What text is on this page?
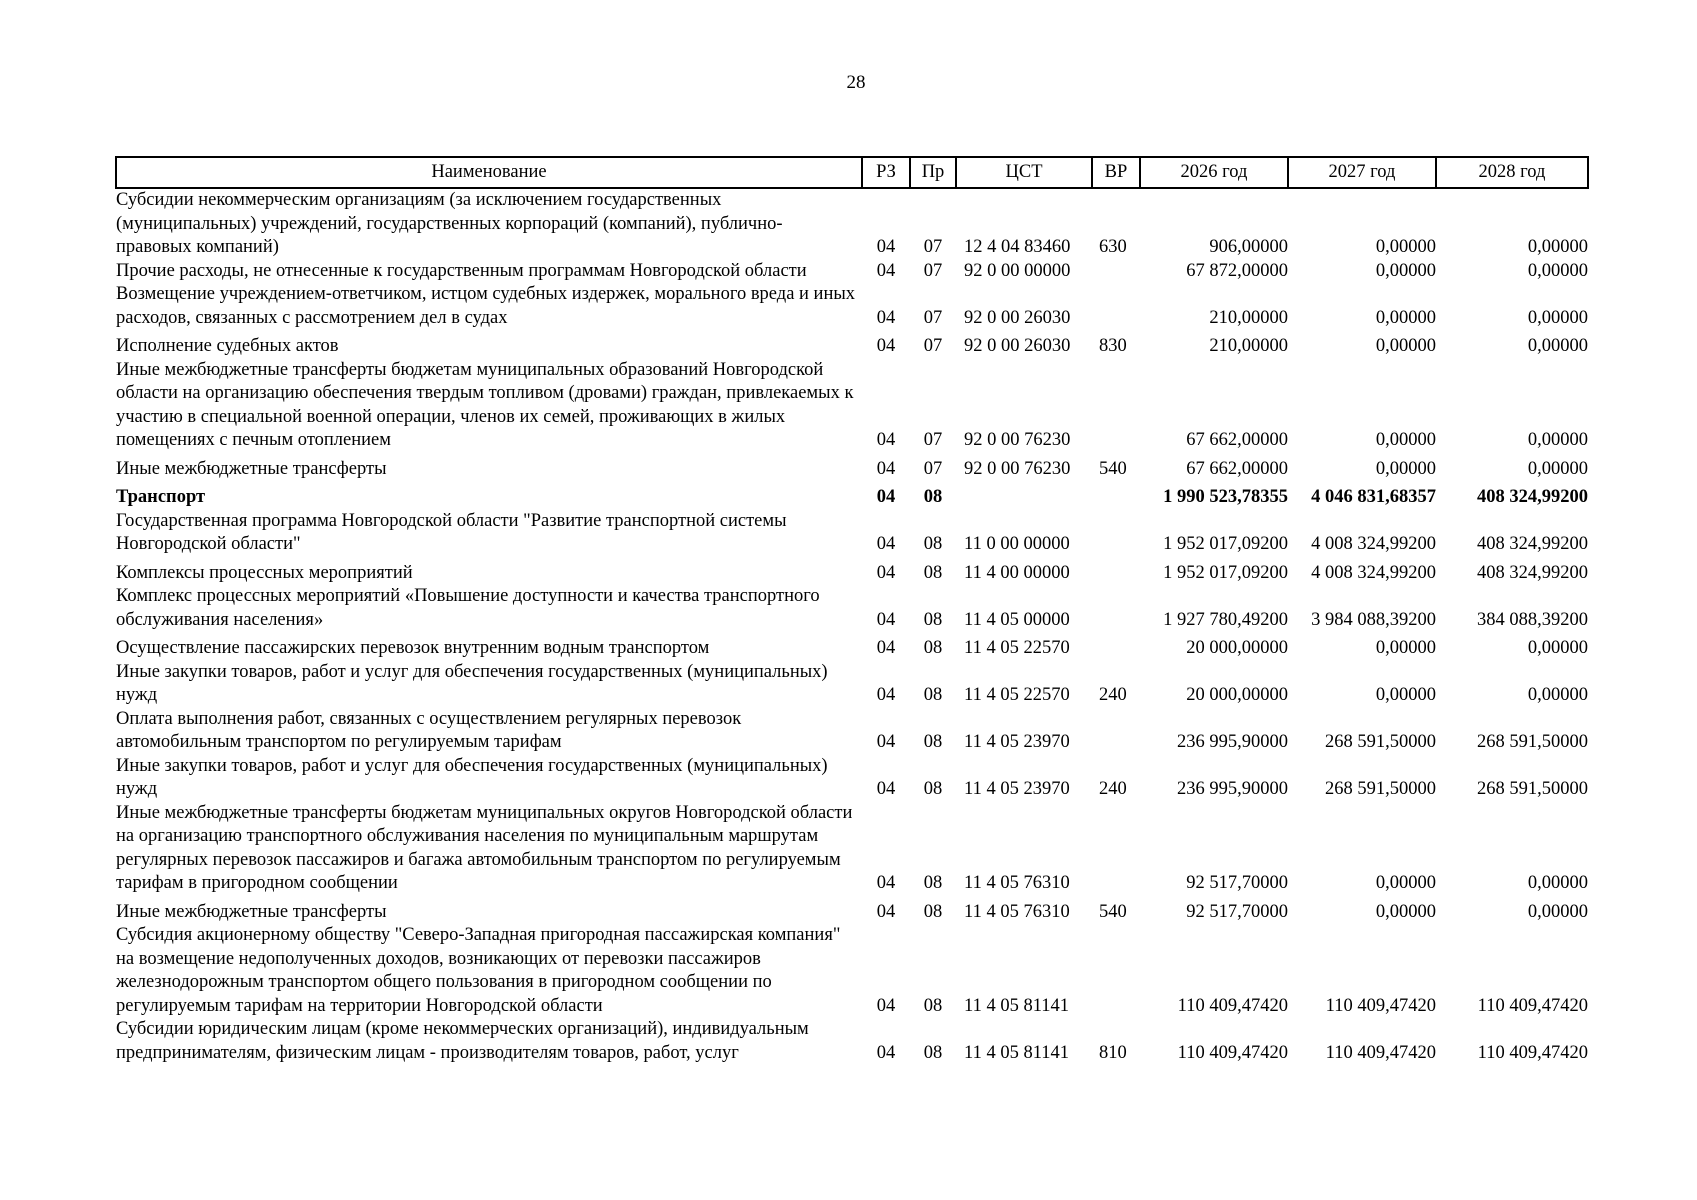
28
Наименование	РЗ	Пр	ЦСТ	ВР	2026 год	2027 год	2028 год
Субсидии некоммерческим организациям (за исключением государственных (муниципальных) учреждений, государственных корпораций (компаний), публично-правовых компаний)	04	07	12 4 04 83460	630	906,00000	0,00000	0,00000
Прочие расходы, не отнесенные к государственным программам Новгородской области	04	07	92 0 00 00000		67 872,00000	0,00000	0,00000
Возмещение учреждением-ответчиком, истцом судебных издержек, морального вреда и иных расходов, связанных с рассмотрением дел в судах	04	07	92 0 00 26030		210,00000	0,00000	0,00000
Исполнение судебных актов	04	07	92 0 00 26030	830	210,00000	0,00000	0,00000
Иные межбюджетные трансферты бюджетам муниципальных образований Новгородской области на организацию обеспечения твердым топливом (дровами) граждан, привлекаемых к участию в специальной военной операции, членов их семей, проживающих в жилых помещениях с печным отоплением	04	07	92 0 00 76230		67 662,00000	0,00000	0,00000
Иные межбюджетные трансферты	04	07	92 0 00 76230	540	67 662,00000	0,00000	0,00000
Транспорт	04	08			1 990 523,78355	4 046 831,68357	408 324,99200
Государственная программа Новгородской области "Развитие транспортной системы Новгородской области"	04	08	11 0 00 00000		1 952 017,09200	4 008 324,99200	408 324,99200
Комплексы процессных мероприятий	04	08	11 4 00 00000		1 952 017,09200	4 008 324,99200	408 324,99200
Комплекс процессных мероприятий «Повышение доступности и качества транспортного обслуживания населения»	04	08	11 4 05 00000		1 927 780,49200	3 984 088,39200	384 088,39200
Осуществление пассажирских перевозок внутренним водным транспортом	04	08	11 4 05 22570		20 000,00000	0,00000	0,00000
Иные закупки товаров, работ и услуг для обеспечения государственных (муниципальных) нужд	04	08	11 4 05 22570	240	20 000,00000	0,00000	0,00000
Оплата выполнения работ, связанных с осуществлением регулярных перевозок автомобильным транспортом по регулируемым тарифам	04	08	11 4 05 23970		236 995,90000	268 591,50000	268 591,50000
Иные закупки товаров, работ и услуг для обеспечения государственных (муниципальных) нужд	04	08	11 4 05 23970	240	236 995,90000	268 591,50000	268 591,50000
Иные межбюджетные трансферты бюджетам муниципальных округов Новгородской области на организацию транспортного обслуживания населения по муниципальным маршрутам регулярных перевозок пассажиров и багажа автомобильным транспортом по регулируемым тарифам в пригородном сообщении	04	08	11 4 05 76310		92 517,70000	0,00000	0,00000
Иные межбюджетные трансферты	04	08	11 4 05 76310	540	92 517,70000	0,00000	0,00000
Субсидия акционерному обществу "Северо-Западная пригородная пассажирская компания" на возмещение недополученных доходов, возникающих от перевозки пассажиров железнодорожным транспортом общего пользования в пригородном сообщении по регулируемым тарифам на территории Новгородской области	04	08	11 4 05 81141		110 409,47420	110 409,47420	110 409,47420
Субсидии юридическим лицам (кроме некоммерческих организаций), индивидуальным предпринимателям, физическим лицам - производителям товаров, работ, услуг	04	08	11 4 05 81141	810	110 409,47420	110 409,47420	110 409,47420
